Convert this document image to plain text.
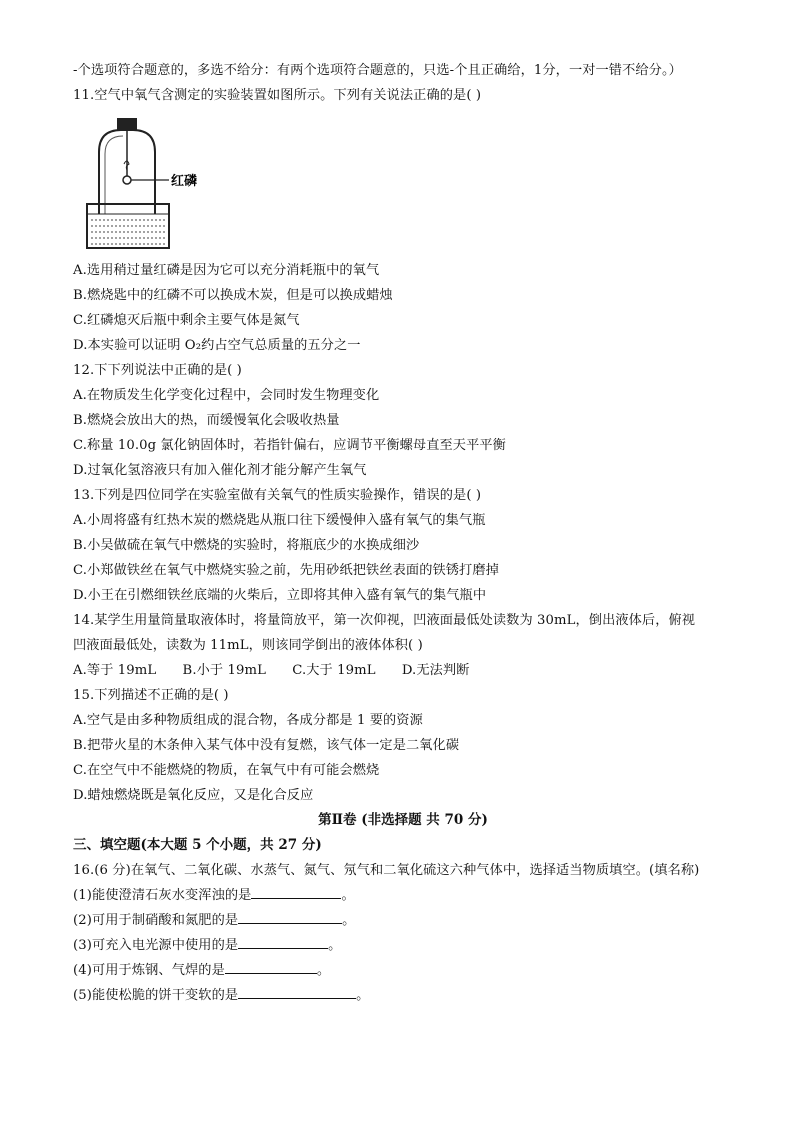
-个选项符合题意的，多选不给分：有两个选项符合题意的，只选-个且正确给，1分，一对一错不给分。）
11.空气中氧气含测定的实验装置如图所示。下列有关说法正确的是( )
红磷
A.选用稍过量红磷是因为它可以充分消耗瓶中的氧气
B.燃烧匙中的红磷不可以换成木炭，但是可以换成蜡烛
C.红磷熄灭后瓶中剩余主要气体是氮气
D.本实验可以证明 O₂约占空气总质量的五分之一
12.下下列说法中正确的是( )
A.在物质发生化学变化过程中，会同时发生物理变化
B.燃烧会放出大的热，而缓慢氧化会吸收热量
C.称量 10.0g 氯化钠固体时，若指针偏右，应调节平衡螺母直至天平平衡
D.过氧化氢溶液只有加入催化剂才能分解产生氧气
13.下列是四位同学在实验室做有关氧气的性质实验操作，错误的是( )
A.小周将盛有红热木炭的燃烧匙从瓶口往下缓慢伸入盛有氧气的集气瓶
B.小吴做硫在氧气中燃烧的实验时，将瓶底少的水换成细沙
C.小郑做铁丝在氧气中燃烧实验之前，先用砂纸把铁丝表面的铁锈打磨掉
D.小王在引燃细铁丝底端的火柴后，立即将其伸入盛有氧气的集气瓶中
14.某学生用量筒量取液体时，将量筒放平，第一次仰视，凹液面最低处读数为 30mL，倒出液体后，俯视
凹液面最低处，读数为 11mL，则该同学倒出的液体体积( )
A.等于 19mL B.小于 19mL C.大于 19mL D.无法判断
15.下列描述不正确的是( )
A.空气是由多种物质组成的混合物，各成分都是 1 要的资源
B.把带火星的木条伸入某气体中没有复燃，该气体一定是二氧化碳
C.在空气中不能燃烧的物质，在氧气中有可能会燃烧
D.蜡烛燃烧既是氧化反应，又是化合反应
第Ⅱ卷 (非选择题 共 70 分)
三、填空题(本大题 5 个小题，共 27 分)
16.(6 分)在氧气、二氧化碳、水蒸气、氮气、氖气和二氧化硫这六种气体中，选择适当物质填空。(填名称)
(1)能使澄清石灰水变浑浊的是	。
(2)可用于制硝酸和氮肥的是	。
(3)可充入电光源中使用的是	。
(4)可用于炼钢、气焊的是	。
(5)能使松脆的饼干变软的是	。
